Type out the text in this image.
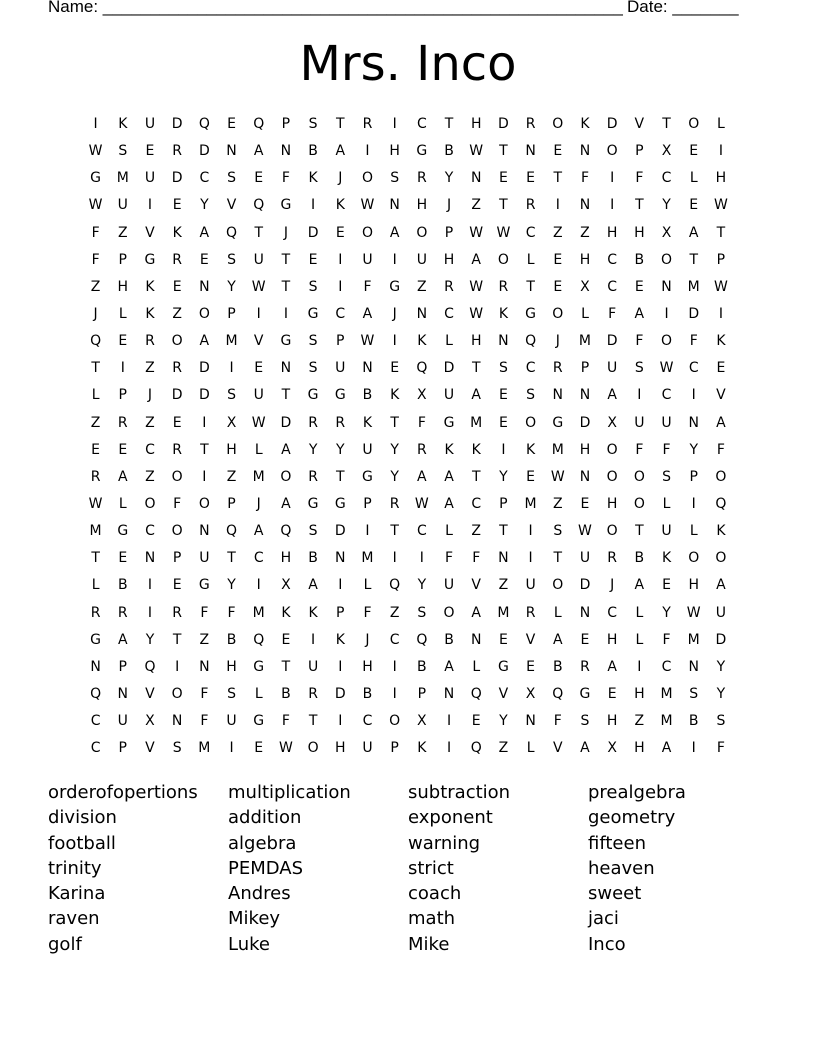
Name: _______________________________________________________ Date: _______
Mrs. Inco
I	K	U	D	Q	E	Q	P	S	T	R	I	C	T	H	D	R	O	K	D	V	T	O	L
W	S	E	R	D	N	A	N	B	A	I	H	G	B	W	T	N	E	N	O	P	X	E	I
G	M	U	D	C	S	E	F	K	J	O	S	R	Y	N	E	E	T	F	I	F	C	L	H
W	U	I	E	Y	V	Q	G	I	K	W	N	H	J	Z	T	R	I	N	I	T	Y	E	W
F	Z	V	K	A	Q	T	J	D	E	O	A	O	P	W W	C	Z	Z	H	H	X	A	T
F	P	G	R	E	S	U	T	E	I	U	I	U	H	A	O	L	E	H	C	B	O	T	P
Z	H	K	E	N	Y	W	T	S	I	F	G	Z	R	W	R	T	E	X	C	E	N	M	W
J	L	K	Z	O	P	I	I	G	C	A	J	N	C	W	K	G	O	L	F	A	I	D	I
Q	E	R	O	A	M	V	G	S	P	W	I	K	L	H	N	Q	J	M	D	F	O	F	K
T	I	Z	R	D	I	E	N	S	U	N	E	Q	D	T	S	C	R	P	U	S	W	C	E
L	P	J	D	D	S	U	T	G	G	B	K	X	U	A	E	S	N	N	A	I	C	I	V
Z	R	Z	E	I	X	W	D	R	R	K	T	F	G	M	E	O	G	D	X	U	U	N	A
E	E	C	R	T	H	L	A	Y	Y	U	Y	R	K	K	I	K	M	H	O	F	F	Y	F
R	A	Z	O	I	Z	M	O	R	T	G	Y	A	A	T	Y	E	W	N	O	O	S	P	O
W	L	O	F	O	P	J	A	G	G	P	R	W	A	C	P	M	Z	E	H	O	L	I	Q
M	G	C	O	N	Q	A	Q	S	D	I	T	C	L	Z	T	I	S	W	O	T	U	L	K
T	E	N	P	U	T	C	H	B	N	M	I	I	F	F	N	I	T	U	R	B	K	O	O
L	B	I	E	G	Y	I	X	A	I	L	Q	Y	U	V	Z	U	O	D	J	A	E	H	A
R	R	I	R	F	F	M	K	K	P	F	Z	S	O	A	M	R	L	N	C	L	Y	W	U
G	A	Y	T	Z	B	Q	E	I	K	J	C	Q	B	N	E	V	A	E	H	L	F	M	D
N	P	Q	I	N	H	G	T	U	I	H	I	B	A	L	G	E	B	R	A	I	C	N	Y
Q	N	V	O	F	S	L	B	R	D	B	I	P	N	Q	V	X	Q	G	E	H	M	S	Y
C	U	X	N	F	U	G	F	T	I	C	O	X	I	E	Y	N	F	S	H	Z	M	B	S
C	P	V	S	M	I	E	W	O	H	U	P	K	I	Q	Z	L	V	A	X	H	A	I	F
orderofopertions	multiplication	subtraction	prealgebra
division	addition	exponent	geometry
football	algebra	warning	fifteen
trinity	PEMDAS	strict	heaven
Karina	Andres	coach	sweet
raven	Mikey	math	jaci
golf	Luke	Mike	Inco
